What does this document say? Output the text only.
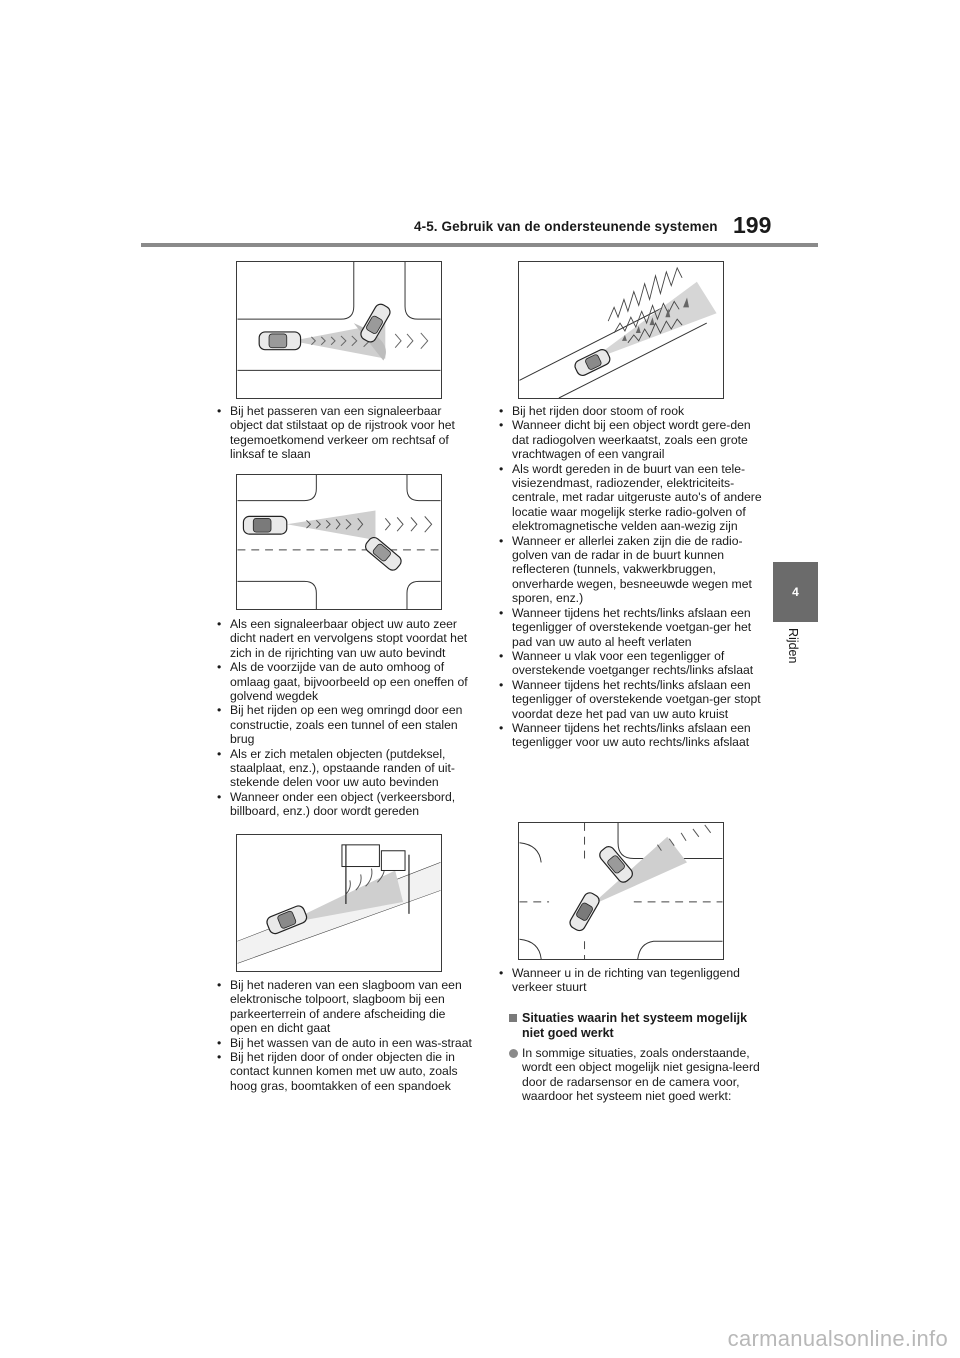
4-5. Gebruik van de ondersteunende systemen 199
4
Rijden
• Bij het passeren van een signaleerbaar object dat stilstaat op de rijstrook voor het tegemoetkomend verkeer om rechtsaf of linksaf te slaan
• Als een signaleerbaar object uw auto zeer dicht nadert en vervolgens stopt voordat het zich in de rijrichting van uw auto bevindt
• Als de voorzijde van de auto omhoog of omlaag gaat, bijvoorbeeld op een oneffen of golvend wegdek
• Bij het rijden op een weg omringd door een constructie, zoals een tunnel of een stalen brug
• Als er zich metalen objecten (putdeksel, staalplaat, enz.), opstaande randen of uit-stekende delen voor uw auto bevinden
• Wanneer onder een object (verkeersbord, billboard, enz.) door wordt gereden
• Bij het naderen van een slagboom van een elektronische tolpoort, slagboom bij een parkeerterrein of andere afscheiding die open en dicht gaat
• Bij het wassen van de auto in een was-straat
• Bij het rijden door of onder objecten die in contact kunnen komen met uw auto, zoals hoog gras, boomtakken of een spandoek
• Bij het rijden door stoom of rook
• Wanneer dicht bij een object wordt gere-den dat radiogolven weerkaatst, zoals een grote vrachtwagen of een vangrail
• Als wordt gereden in de buurt van een tele-visiezendmast, radiozender, elektriciteits-centrale, met radar uitgeruste auto's of andere locatie waar mogelijk sterke radio-golven of elektromagnetische velden aan-wezig zijn
• Wanneer er allerlei zaken zijn die de radio-golven van de radar in de buurt kunnen reflecteren (tunnels, vakwerkbruggen, onverharde wegen, besneeuwde wegen met sporen, enz.)
• Wanneer tijdens het rechts/links afslaan een tegenligger of overstekende voetgan-ger het pad van uw auto al heeft verlaten
• Wanneer u vlak voor een tegenligger of overstekende voetganger rechts/links afslaat
• Wanneer tijdens het rechts/links afslaan een tegenligger of overstekende voetgan-ger stopt voordat deze het pad van uw auto kruist
• Wanneer tijdens het rechts/links afslaan een tegenligger voor uw auto rechts/links afslaat
• Wanneer u in de richting van tegenliggend verkeer stuurt
Situaties waarin het systeem mogelijk niet goed werkt
In sommige situaties, zoals onderstaande, wordt een object mogelijk niet gesigna-leerd door de radarsensor en de camera voor, waardoor het systeem niet goed werkt:
carmanualsonline.info
